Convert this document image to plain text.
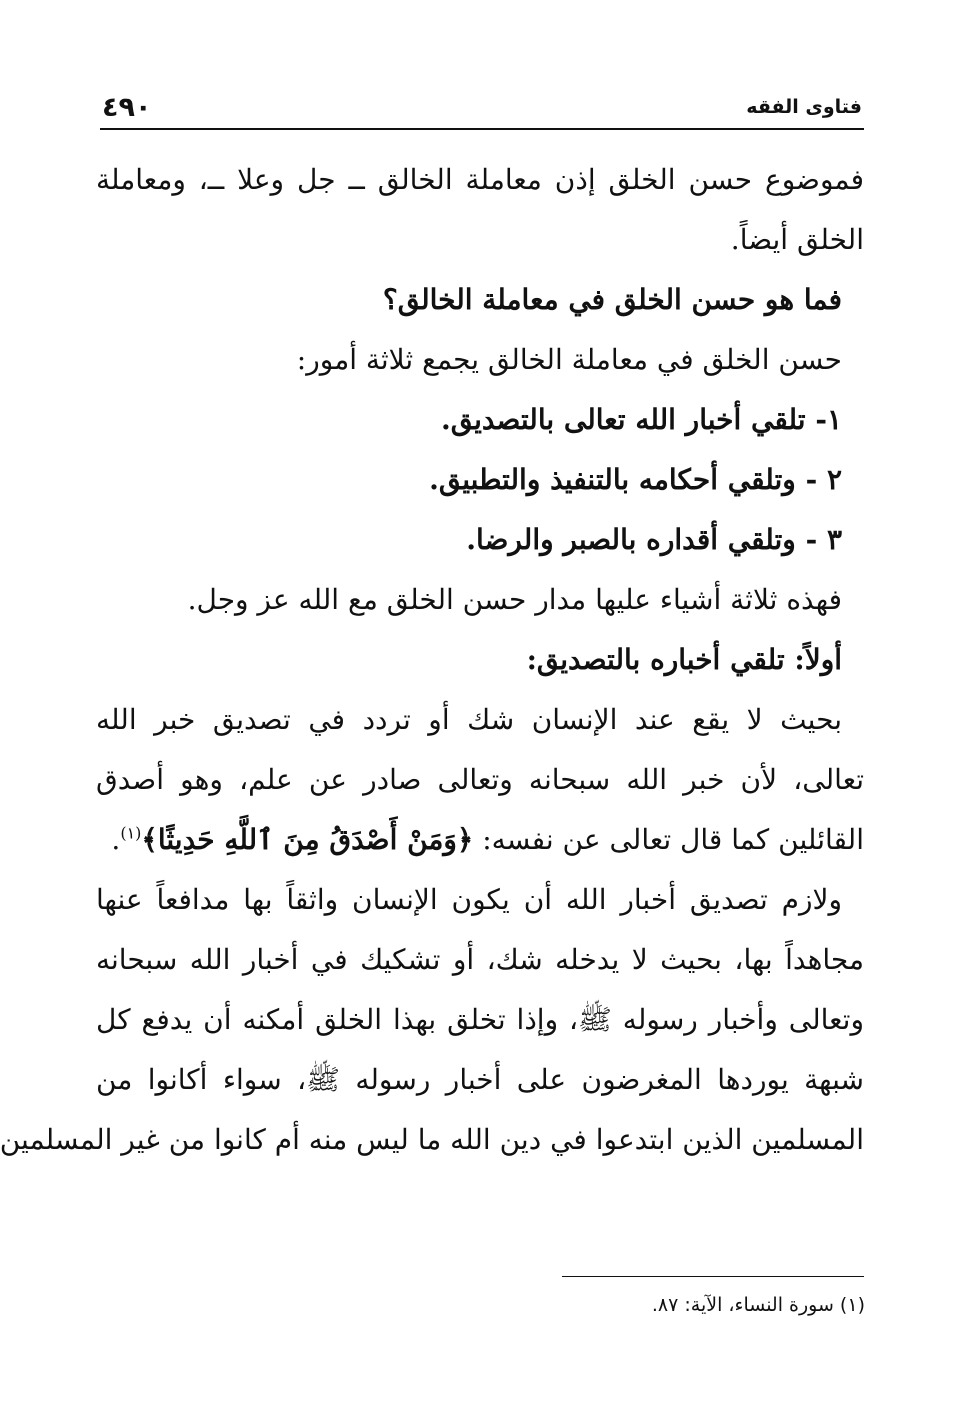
فتاوى الفقه
٤٩٠
فموضوع حسن الخلق إذن معاملة الخالق ــ جل وعلا ــ، ومعاملة
الخلق أيضاً.
فما هو حسن الخلق في معاملة الخالق؟
حسن الخلق في معاملة الخالق يجمع ثلاثة أمور:
١- تلقي أخبار الله تعالى بالتصديق.
٢ - وتلقي أحكامه بالتنفيذ والتطبيق.
٣ - وتلقي أقداره بالصبر والرضا.
فهذه ثلاثة أشياء عليها مدار حسن الخلق مع الله عز وجل.
أولاً: تلقي أخباره بالتصديق:
بحيث لا يقع عند الإنسان شك أو تردد في تصديق خبر الله
تعالى، لأن خبر الله سبحانه وتعالى صادر عن علم، وهو أصدق
القائلين كما قال تعالى عن نفسه: ﴿وَمَنْ أَصْدَقُ مِنَ ٱللَّهِ حَدِيثًا﴾$^{(١)}$.
ولازم تصديق أخبار الله أن يكون الإنسان واثقاً بها مدافعاً عنها
مجاهداً بها، بحيث لا يدخله شك، أو تشكيك في أخبار الله سبحانه
وتعالى وأخبار رسوله ﷺ، وإذا تخلق بهذا الخلق أمكنه أن يدفع كل
شبهة يوردها المغرضون على أخبار رسوله ﷺ، سواء أكانوا من
المسلمين الذين ابتدعوا في دين الله ما ليس منه أم كانوا من غير المسلمين
(١) سورة النساء، الآية: ٨٧.
